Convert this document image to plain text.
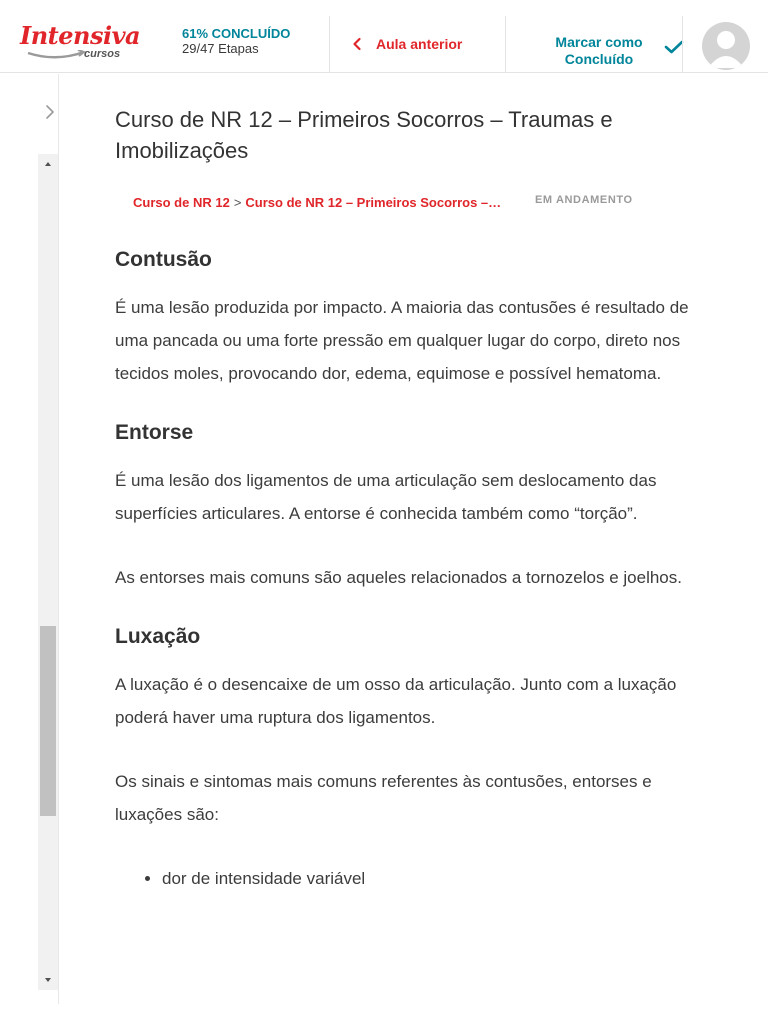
Intensiva
cursos
61% CONCLUÍDO
29/47 Etapas	Aula anterior	Marcar como Concluído
Curso de NR 12 – Primeiros Socorros – Traumas e Imobilizações
Curso de NR 12 > Curso de NR 12 – Primeiros Socorros –…	EM ANDAMENTO
Contusão

É uma lesão produzida por impacto. A maioria das contusões é resultado de uma pancada ou uma forte pressão em qualquer lugar do corpo, direto nos tecidos moles, provocando dor, edema, equimose e possível hematoma.

Entorse

É uma lesão dos ligamentos de uma articulação sem deslocamento das superfícies articulares. A entorse é conhecida também como “torção”.

As entorses mais comuns são aqueles relacionados a tornozelos e joelhos.

Luxação

A luxação é o desencaixe de um osso da articulação. Junto com a luxação poderá haver uma ruptura dos ligamentos.

Os sinais e sintomas mais comuns referentes às contusões, entorses e luxações são:

• dor de intensidade variável
